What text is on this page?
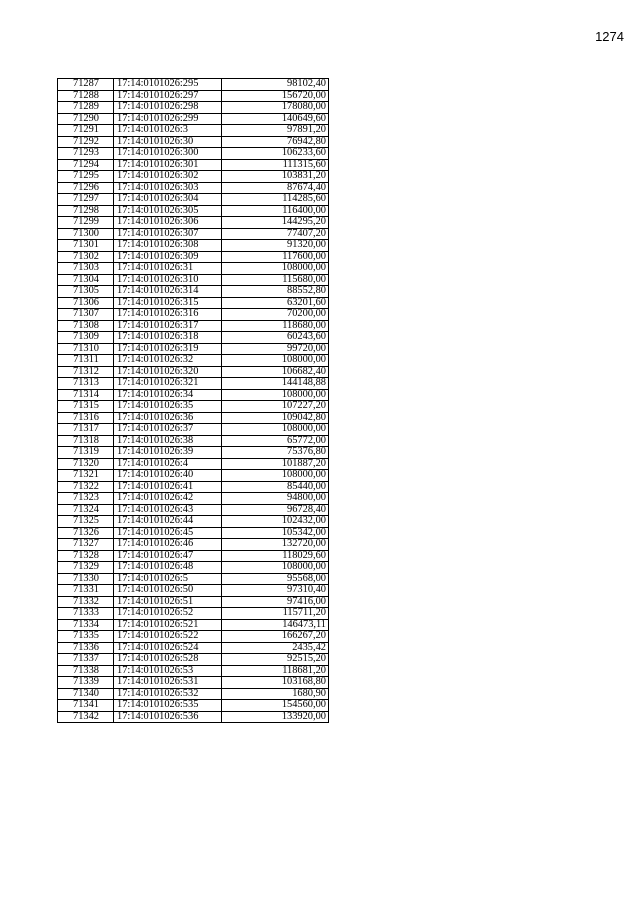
1274
71287	17:14:0101026:295	98102,40
71288	17:14:0101026:297	156720,00
71289	17:14:0101026:298	178080,00
71290	17:14:0101026:299	140649,60
71291	17:14:0101026:3	97891,20
71292	17:14:0101026:30	76942,80
71293	17:14:0101026:300	106233,60
71294	17:14:0101026:301	111315,60
71295	17:14:0101026:302	103831,20
71296	17:14:0101026:303	87674,40
71297	17:14:0101026:304	114285,60
71298	17:14:0101026:305	116400,00
71299	17:14:0101026:306	144295,20
71300	17:14:0101026:307	77407,20
71301	17:14:0101026:308	91320,00
71302	17:14:0101026:309	117600,00
71303	17:14:0101026:31	108000,00
71304	17:14:0101026:310	115680,00
71305	17:14:0101026:314	88552,80
71306	17:14:0101026:315	63201,60
71307	17:14:0101026:316	70200,00
71308	17:14:0101026:317	118680,00
71309	17:14:0101026:318	60243,60
71310	17:14:0101026:319	99720,00
71311	17:14:0101026:32	108000,00
71312	17:14:0101026:320	106682,40
71313	17:14:0101026:321	144148,88
71314	17:14:0101026:34	108000,00
71315	17:14:0101026:35	107227,20
71316	17:14:0101026:36	109042,80
71317	17:14:0101026:37	108000,00
71318	17:14:0101026:38	65772,00
71319	17:14:0101026:39	75376,80
71320	17:14:0101026:4	101887,20
71321	17:14:0101026:40	108000,00
71322	17:14:0101026:41	85440,00
71323	17:14:0101026:42	94800,00
71324	17:14:0101026:43	96728,40
71325	17:14:0101026:44	102432,00
71326	17:14:0101026:45	105342,00
71327	17:14:0101026:46	132720,00
71328	17:14:0101026:47	118029,60
71329	17:14:0101026:48	108000,00
71330	17:14:0101026:5	95568,00
71331	17:14:0101026:50	97310,40
71332	17:14:0101026:51	97416,00
71333	17:14:0101026:52	115711,20
71334	17:14:0101026:521	146473,11
71335	17:14:0101026:522	166267,20
71336	17:14:0101026:524	2435,42
71337	17:14:0101026:528	92515,20
71338	17:14:0101026:53	118681,20
71339	17:14:0101026:531	103168,80
71340	17:14:0101026:532	1680,90
71341	17:14:0101026:535	154560,00
71342	17:14:0101026:536	133920,00
